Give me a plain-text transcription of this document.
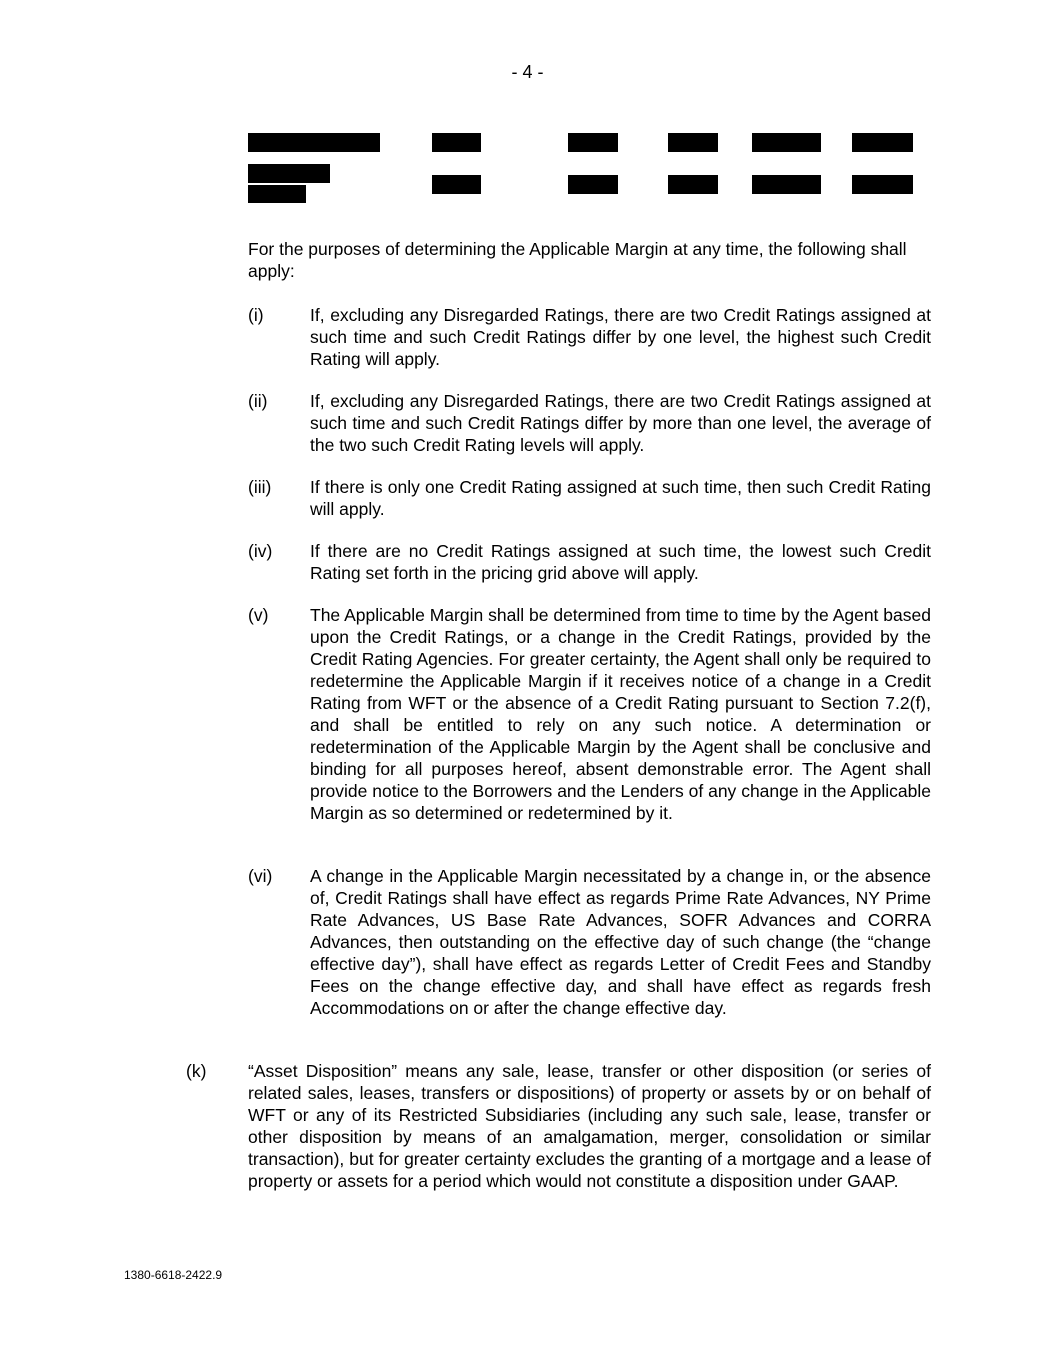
- 4 -

For the purposes of determining the Applicable Margin at any time, the following shall apply:

(i)	If, excluding any Disregarded Ratings, there are two Credit Ratings assigned at such time and such Credit Ratings differ by one level, the highest such Credit Rating will apply.
(ii) If, excluding any Disregarded Ratings, there are two Credit Ratings assigned at such time and such Credit Ratings differ by more than one level, the average of the two such Credit Rating levels will apply.
(iii) If there is only one Credit Rating assigned at such time, then such Credit Rating will apply.
(iv) If there are no Credit Ratings assigned at such time, the lowest such Credit Rating set forth in the pricing grid above will apply.
(v) The Applicable Margin shall be determined from time to time by the Agent based upon the Credit Ratings, or a change in the Credit Ratings, provided by the Credit Rating Agencies. For greater certainty, the Agent shall only be required to redetermine the Applicable Margin if it receives notice of a change in a Credit Rating from WFT or the absence of a Credit Rating pursuant to Section 7.2(f), and shall be entitled to rely on any such notice. A determination or redetermination of the Applicable Margin by the Agent shall be conclusive and binding for all purposes hereof, absent demonstrable error. The Agent shall provide notice to the Borrowers and the Lenders of any change in the Applicable Margin as so determined or redetermined by it.
(vi) A change in the Applicable Margin necessitated by a change in, or the absence of, Credit Ratings shall have effect as regards Prime Rate Advances, NY Prime Rate Advances, US Base Rate Advances, SOFR Advances and CORRA Advances, then outstanding on the effective day of such change (the “change effective day”), shall have effect as regards Letter of Credit Fees and Standby Fees on the change effective day, and shall have effect as regards fresh Accommodations on or after the change effective day.
(k) “Asset Disposition” means any sale, lease, transfer or other disposition (or series of related sales, leases, transfers or dispositions) of property or assets by or on behalf of WFT or any of its Restricted Subsidiaries (including any such sale, lease, transfer or other disposition by means of an amalgamation, merger, consolidation or similar transaction), but for greater certainty excludes the granting of a mortgage and a lease of property or assets for a period which would not constitute a disposition under GAAP.
1380-6618-2422.9
